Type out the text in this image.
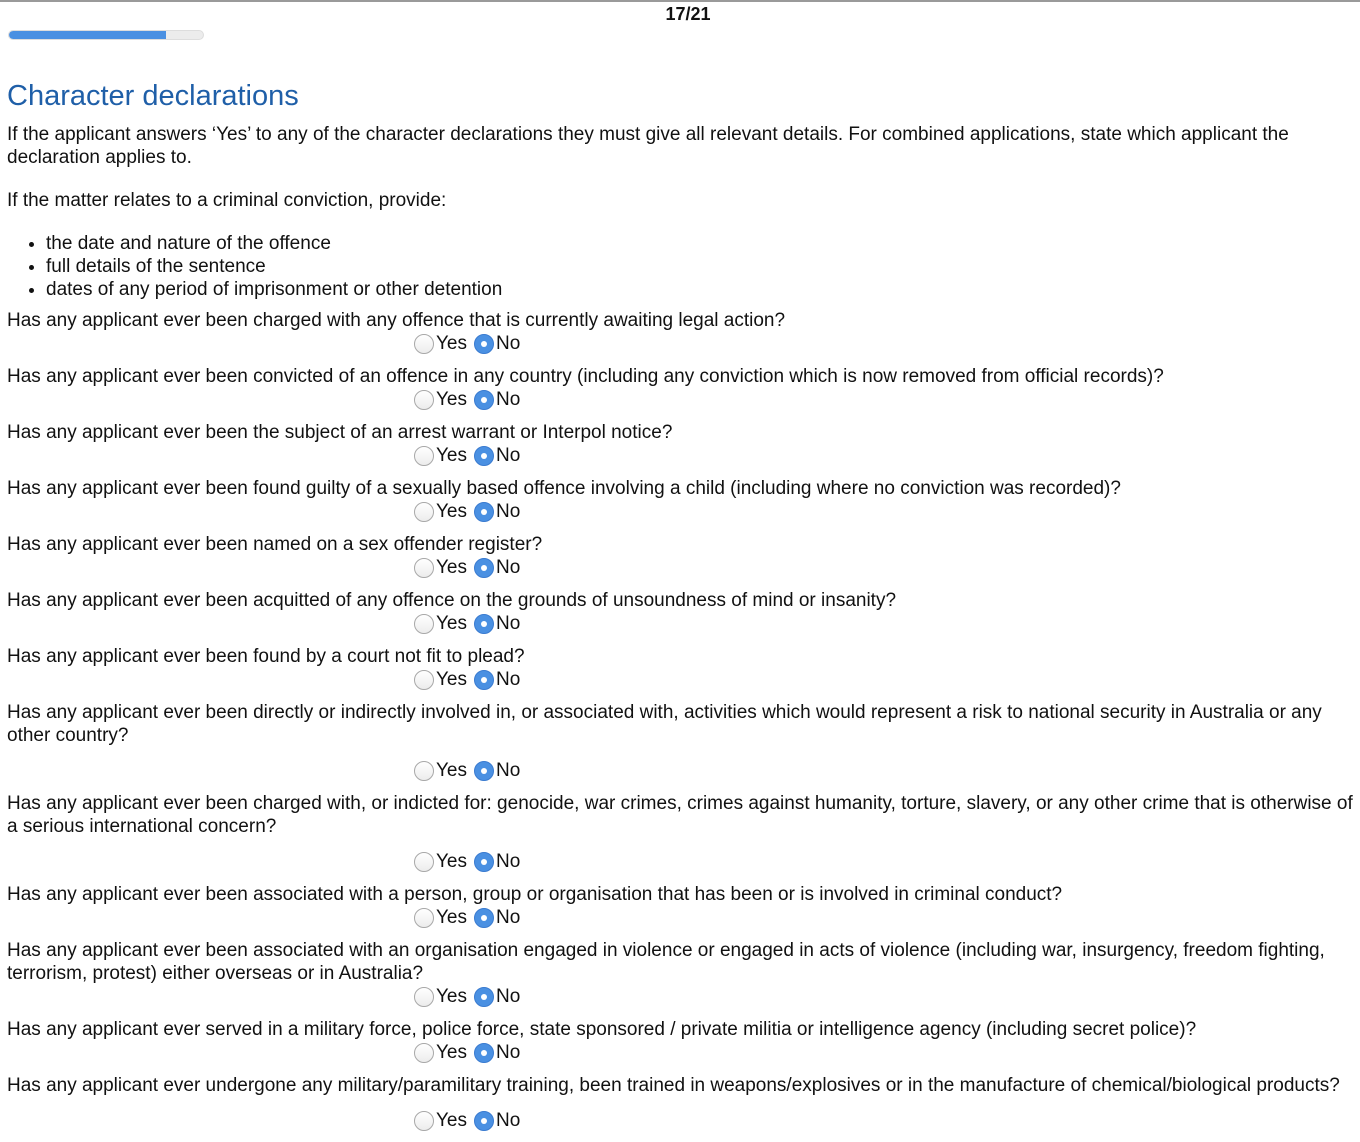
17/21
Character declarations

If the applicant answers ‘Yes’ to any of the character declarations they must give all relevant details. For combined applications, state which applicant the declaration applies to.

If the matter relates to a criminal conviction, provide:

• the date and nature of the offence
• full details of the sentence
• dates of any period of imprisonment or other detention
Has any applicant ever been charged with any offence that is currently awaiting legal action?
Yes No
Has any applicant ever been convicted of an offence in any country (including any conviction which is now removed from official records)?
Yes No
Has any applicant ever been the subject of an arrest warrant or Interpol notice?
Yes No
Has any applicant ever been found guilty of a sexually based offence involving a child (including where no conviction was recorded)?
Yes No
Has any applicant ever been named on a sex offender register?
Yes No
Has any applicant ever been acquitted of any offence on the grounds of unsoundness of mind or insanity?
Yes No
Has any applicant ever been found by a court not fit to plead?
Yes No
Has any applicant ever been directly or indirectly involved in, or associated with, activities which would represent a risk to national security in Australia or any other country?
Yes No
Has any applicant ever been charged with, or indicted for: genocide, war crimes, crimes against humanity, torture, slavery, or any other crime that is otherwise of a serious international concern?
Yes No
Has any applicant ever been associated with a person, group or organisation that has been or is involved in criminal conduct?
Yes No
Has any applicant ever been associated with an organisation engaged in violence or engaged in acts of violence (including war, insurgency, freedom fighting, terrorism, protest) either overseas or in Australia?
Yes No
Has any applicant ever served in a military force, police force, state sponsored / private militia or intelligence agency (including secret police)?
Yes No
Has any applicant ever undergone any military/paramilitary training, been trained in weapons/explosives or in the manufacture of chemical/biological products?
Yes No
